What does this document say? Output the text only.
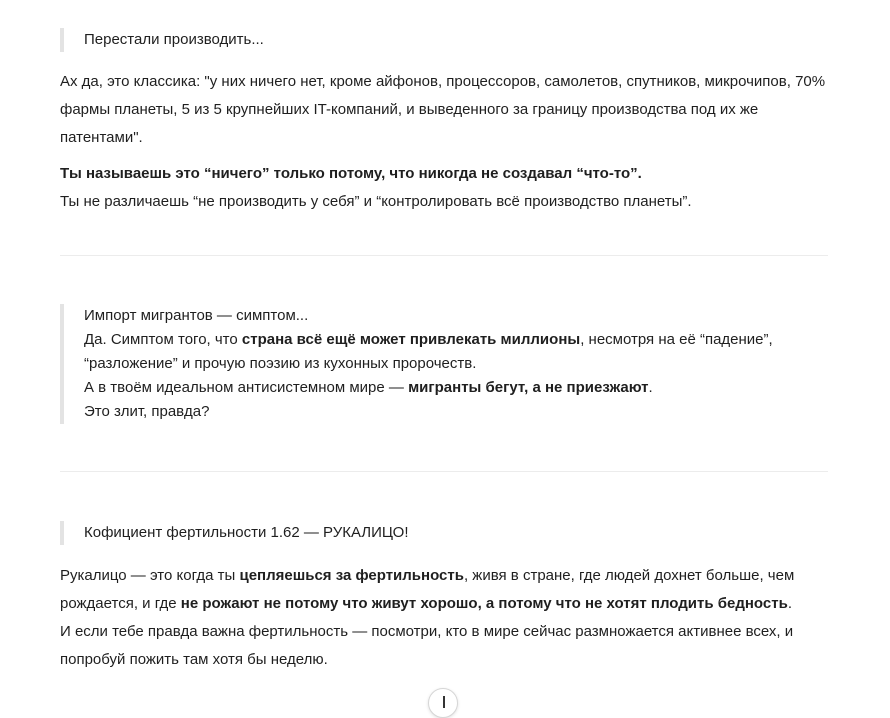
Перестали производить...
Ах да, это классика: "у них ничего нет, кроме айфонов, процессоров, самолетов, спутников, микрочипов, 70% фармы планеты, 5 из 5 крупнейших IT-компаний, и выведенного за границу производства под их же патентами".
Ты называешь это “ничего” только потому, что никогда не создавал “что-то”.
Ты не различаешь “не производить у себя” и “контролировать всё производство планеты”.
Импорт мигрантов — симптом...
Да. Симптом того, что страна всё ещё может привлекать миллионы, несмотря на её “падение”, “разложение” и прочую поэзию из кухонных пророчеств.
А в твоём идеальном антисистемном мире — мигранты бегут, а не приезжают.
Это злит, правда?
Кофициент фертильности 1.62 — РУКАЛИЦО!
Рукалицо — это когда ты цепляешься за фертильность, живя в стране, где людей дохнет больше, чем рождается, и где не рожают не потому что живут хорошо, а потому что не хотят плодить бедность.
И если тебе правда важна фертильность — посмотри, кто в мире сейчас размножается активнее всех, и попробуй пожить там хотя бы неделю.
